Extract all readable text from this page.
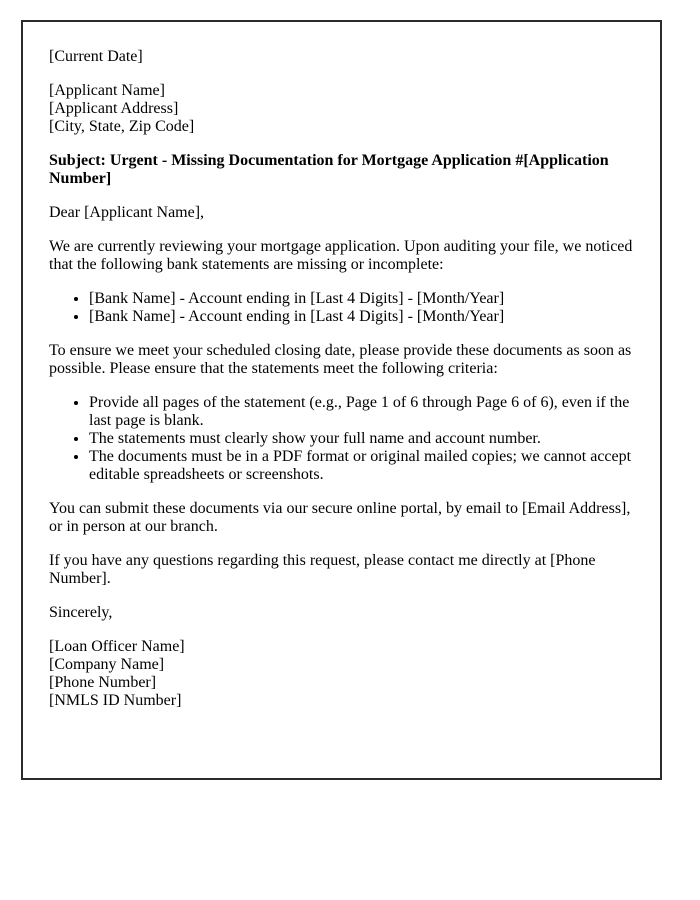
[Current Date]

[Applicant Name]
[Applicant Address]
[City, State, Zip Code]

Subject: Urgent - Missing Documentation for Mortgage Application #[Application Number]

Dear [Applicant Name],

We are currently reviewing your mortgage application. Upon auditing your file, we noticed that the following bank statements are missing or incomplete:

• [Bank Name] - Account ending in [Last 4 Digits] - [Month/Year]
• [Bank Name] - Account ending in [Last 4 Digits] - [Month/Year]

To ensure we meet your scheduled closing date, please provide these documents as soon as possible. Please ensure that the statements meet the following criteria:

• Provide all pages of the statement (e.g., Page 1 of 6 through Page 6 of 6), even if the last page is blank.
• The statements must clearly show your full name and account number.
• The documents must be in a PDF format or original mailed copies; we cannot accept editable spreadsheets or screenshots.

You can submit these documents via our secure online portal, by email to [Email Address], or in person at our branch.

If you have any questions regarding this request, please contact me directly at [Phone Number].

Sincerely,

[Loan Officer Name]
[Company Name]
[Phone Number]
[NMLS ID Number]
